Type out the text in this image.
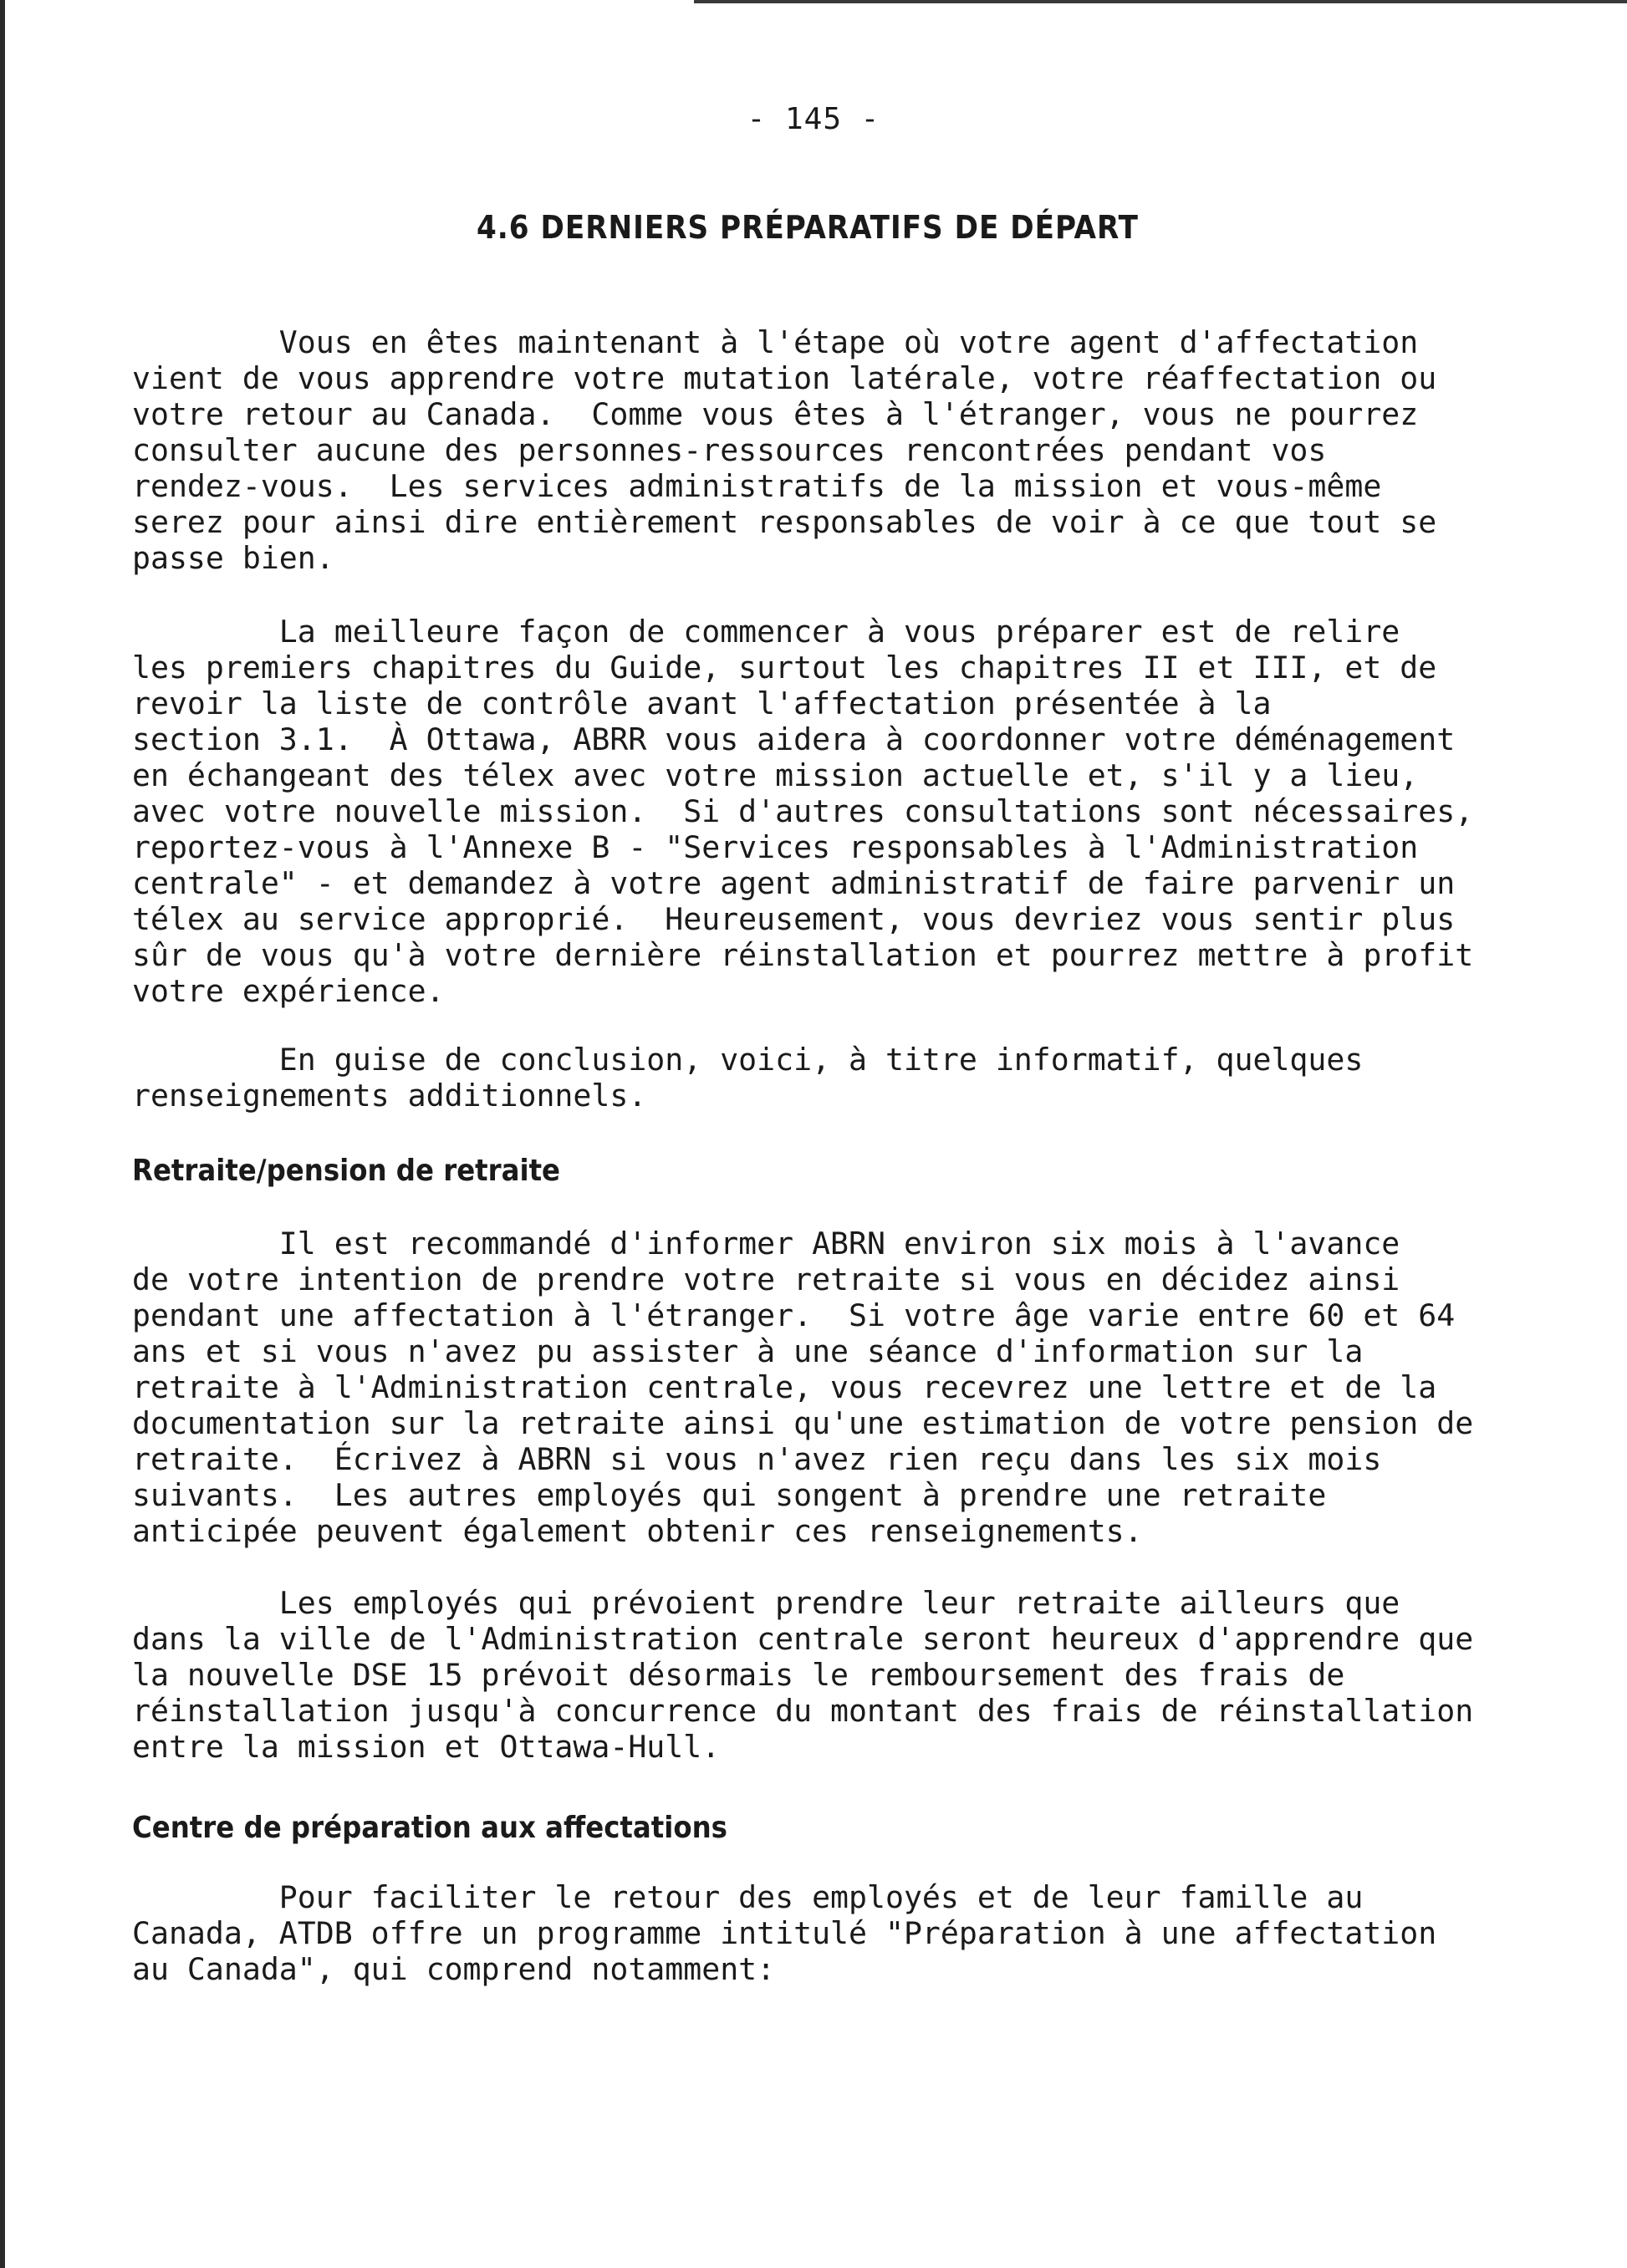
- 145 -
4.6 DERNIERS PRÉPARATIFS DE DÉPART
Vous en êtes maintenant à l'étape où votre agent d'affectation
vient de vous apprendre votre mutation latérale, votre réaffectation ou
votre retour au Canada.  Comme vous êtes à l'étranger, vous ne pourrez
consulter aucune des personnes-ressources rencontrées pendant vos
rendez-vous.  Les services administratifs de la mission et vous-même
serez pour ainsi dire entièrement responsables de voir à ce que tout se
passe bien.
La meilleure façon de commencer à vous préparer est de relire
les premiers chapitres du Guide, surtout les chapitres II et III, et de
revoir la liste de contrôle avant l'affectation présentée à la
section 3.1.  À Ottawa, ABRR vous aidera à coordonner votre déménagement
en échangeant des télex avec votre mission actuelle et, s'il y a lieu,
avec votre nouvelle mission.  Si d'autres consultations sont nécessaires,
reportez-vous à l'Annexe B - "Services responsables à l'Administration
centrale" - et demandez à votre agent administratif de faire parvenir un
télex au service approprié.  Heureusement, vous devriez vous sentir plus
sûr de vous qu'à votre dernière réinstallation et pourrez mettre à profit
votre expérience.
En guise de conclusion, voici, à titre informatif, quelques
renseignements additionnels.
Retraite/pension de retraite
Il est recommandé d'informer ABRN environ six mois à l'avance
de votre intention de prendre votre retraite si vous en décidez ainsi
pendant une affectation à l'étranger.  Si votre âge varie entre 60 et 64
ans et si vous n'avez pu assister à une séance d'information sur la
retraite à l'Administration centrale, vous recevrez une lettre et de la
documentation sur la retraite ainsi qu'une estimation de votre pension de
retraite.  Écrivez à ABRN si vous n'avez rien reçu dans les six mois
suivants.  Les autres employés qui songent à prendre une retraite
anticipée peuvent également obtenir ces renseignements.
Les employés qui prévoient prendre leur retraite ailleurs que
dans la ville de l'Administration centrale seront heureux d'apprendre que
la nouvelle DSE 15 prévoit désormais le remboursement des frais de
réinstallation jusqu'à concurrence du montant des frais de réinstallation
entre la mission et Ottawa-Hull.
Centre de préparation aux affectations
Pour faciliter le retour des employés et de leur famille au
Canada, ATDB offre un programme intitulé "Préparation à une affectation
au Canada", qui comprend notamment:
